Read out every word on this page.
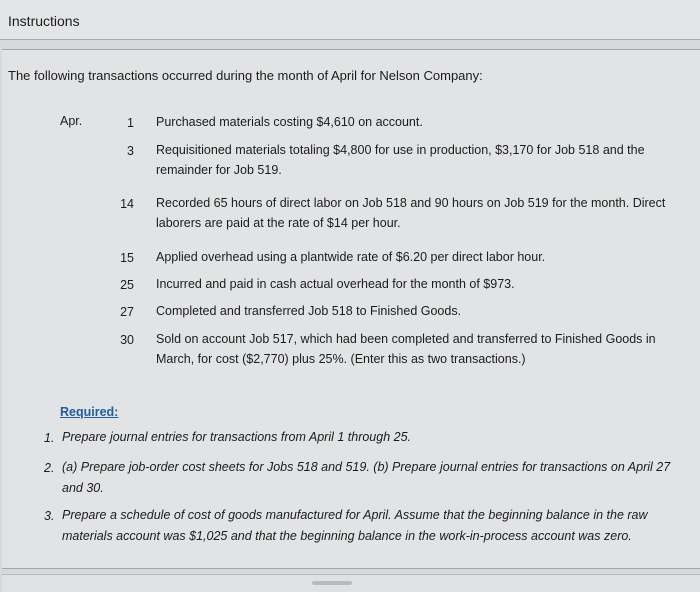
Instructions
The following transactions occurred during the month of April for Nelson Company:
Apr.	1 Purchased materials costing $4,610 on account.
3 Requisitioned materials totaling $4,800 for use in production, $3,170 for Job 518 and the remainder for Job 519.
14 Recorded 65 hours of direct labor on Job 518 and 90 hours on Job 519 for the month. Direct laborers are paid at the rate of $14 per hour.
15 Applied overhead using a plantwide rate of $6.20 per direct labor hour.
25 Incurred and paid in cash actual overhead for the month of $973.
27 Completed and transferred Job 518 to Finished Goods.
30 Sold on account Job 517, which had been completed and transferred to Finished Goods in March, for cost ($2,770) plus 25%. (Enter this as two transactions.)
Required:
1. Prepare journal entries for transactions from April 1 through 25.
2. (a) Prepare job-order cost sheets for Jobs 518 and 519. (b) Prepare journal entries for transactions on April 27 and 30.
3. Prepare a schedule of cost of goods manufactured for April. Assume that the beginning balance in the raw materials account was $1,025 and that the beginning balance in the work-in-process account was zero.
